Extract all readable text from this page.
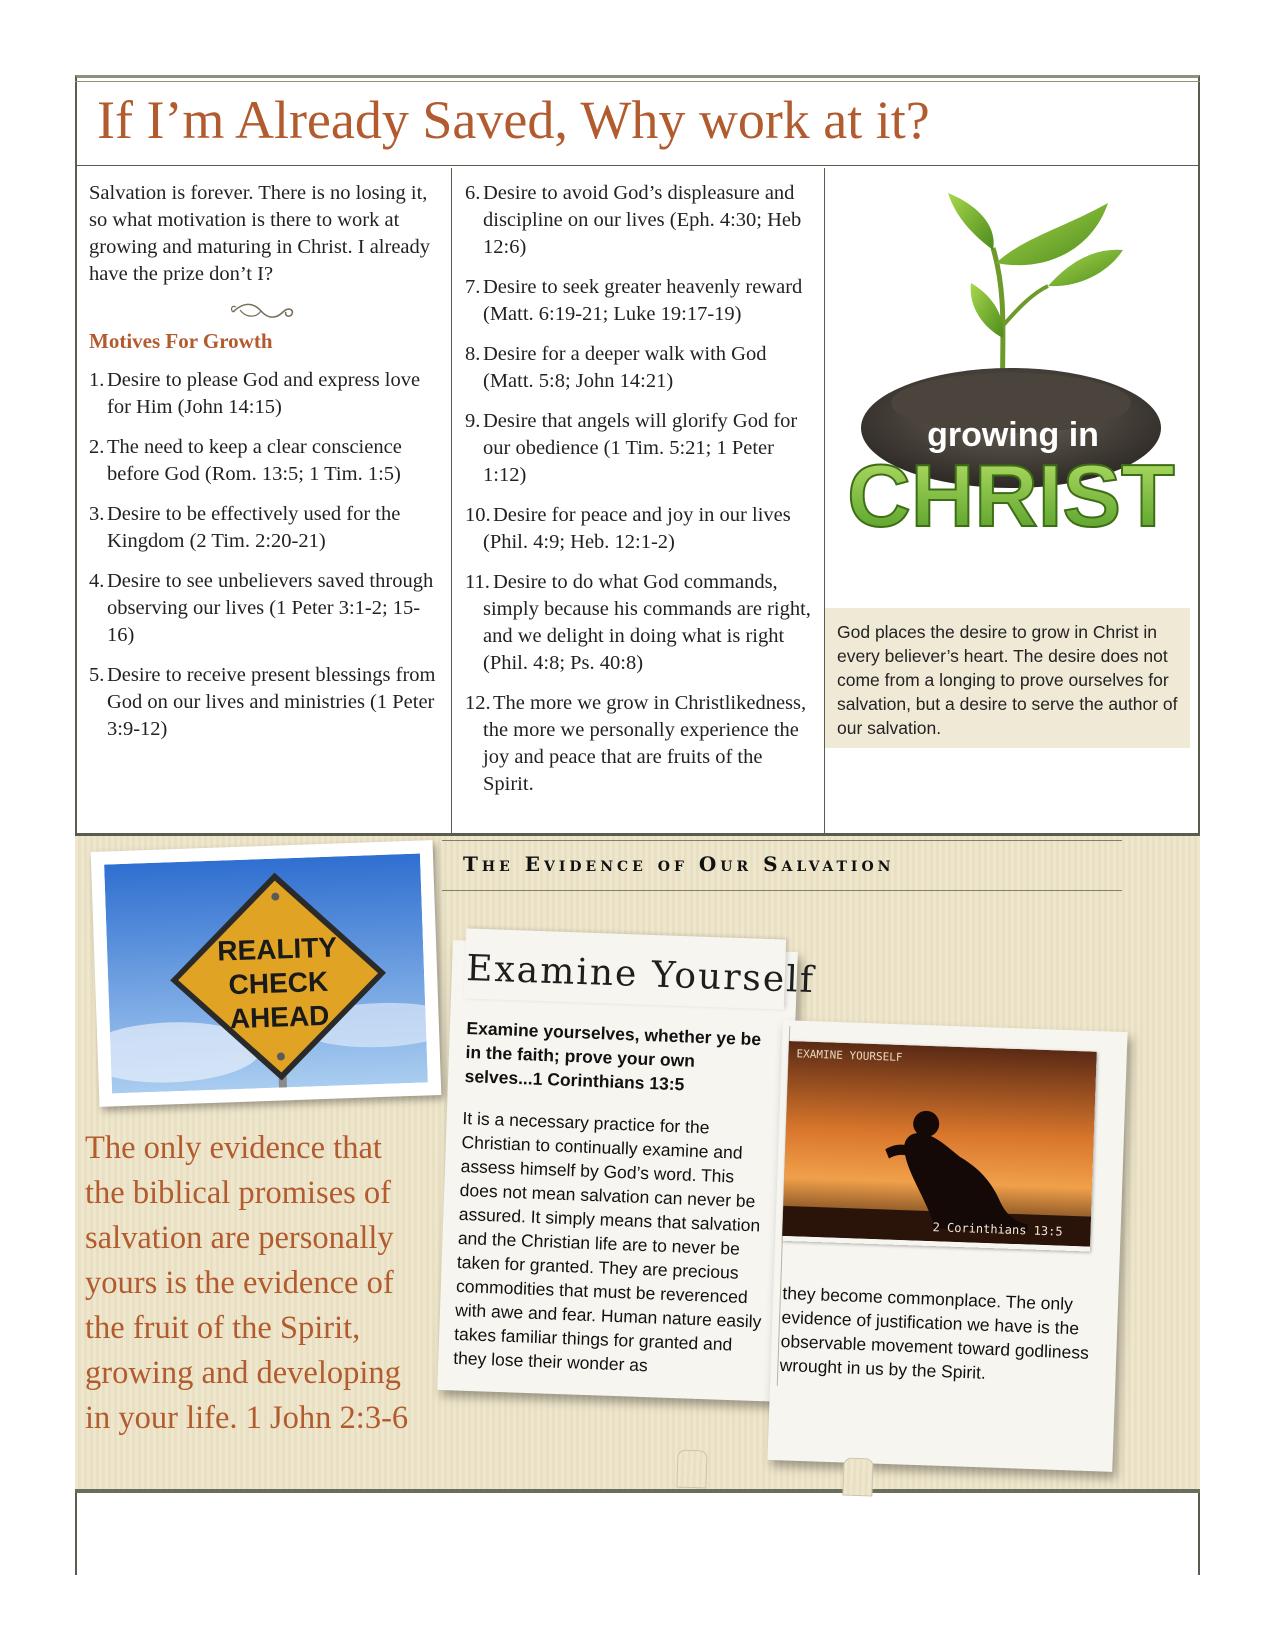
If I’m Already Saved, Why work at it?

Salvation is forever. There is no losing it, so what motivation is there to work at growing and maturing in Christ. I already have the prize don’t I?

Motives For Growth
1. Desire to please God and express love for Him (John 14:15)
2. The need to keep a clear conscience before God (Rom. 13:5; 1 Tim. 1:5)
3. Desire to be effectively used for the Kingdom (2 Tim. 2:20-21)
4. Desire to see unbelievers saved through observing our lives (1 Peter 3:1-2; 15-16)
5. Desire to receive present blessings from God on our lives and ministries (1 Peter 3:9-12)
6. Desire to avoid God’s displeasure and discipline on our lives (Eph. 4:30; Heb 12:6)
7. Desire to seek greater heavenly reward (Matt. 6:19-21; Luke 19:17-19)
8. Desire for a deeper walk with God (Matt. 5:8; John 14:21)
9. Desire that angels will glorify God for our obedience (1 Tim. 5:21; 1 Peter 1:12)
10. Desire for peace and joy in our lives (Phil. 4:9; Heb. 12:1-2)
11. Desire to do what God commands, simply because his commands are right, and we delight in doing what is right (Phil. 4:8; Ps. 40:8)
12. The more we grow in Christlikedness, the more we personally experience the joy and peace that are fruits of the Spirit.
growing in
CHRIST
God places the desire to grow in Christ in every believer’s heart. The desire does not come from a longing to prove ourselves for salvation, but a desire to serve the author of our salvation.
REALITY
CHECK
AHEAD

The only evidence that the biblical promises of salvation are personally yours is the evidence of the fruit of the Spirit, growing and developing in your life. 1 John 2:3-6

The Evidence of Our Salvation
Examine Yourself
Examine yourselves, whether ye be in the faith; prove your own selves...1 Corinthians 13:5
It is a necessary practice for the Christian to continually examine and assess himself by God’s word. This does not mean salvation can never be assured. It simply means that salvation and the Christian life are to never be taken for granted. They are precious commodities that must be reverenced with awe and fear. Human nature easily takes familiar things for granted and they lose their wonder as
EXAMINE YOURSELF
2 Corinthians 13:5
they become commonplace. The only evidence of justification we have is the observable movement toward godliness wrought in us by the Spirit.
